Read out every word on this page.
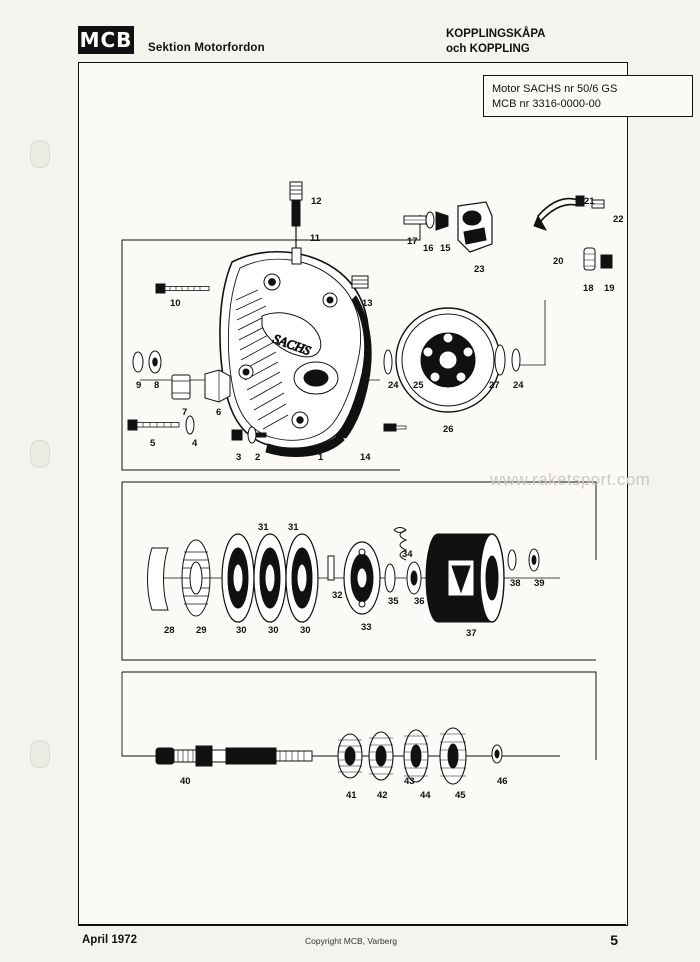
MCB Sektion Motorfordon
KOPPLINGSKÅPA
och KOPPLING
Motor SACHS nr 50/6 GS
MCB nr 3316-0000-00
SACHS
www.raketsport.com
1
2
3
4
5
6
7
8
9
10
11
12
13
14
15
16
17
18 19
20
21
22
23
24 25
26
27 24
28 29	30 30 30
31 31
32
33
34
35 36
37
38 39
40
41 42
43
44	45
46
April 1972	Copyright MCB, Varberg	5
